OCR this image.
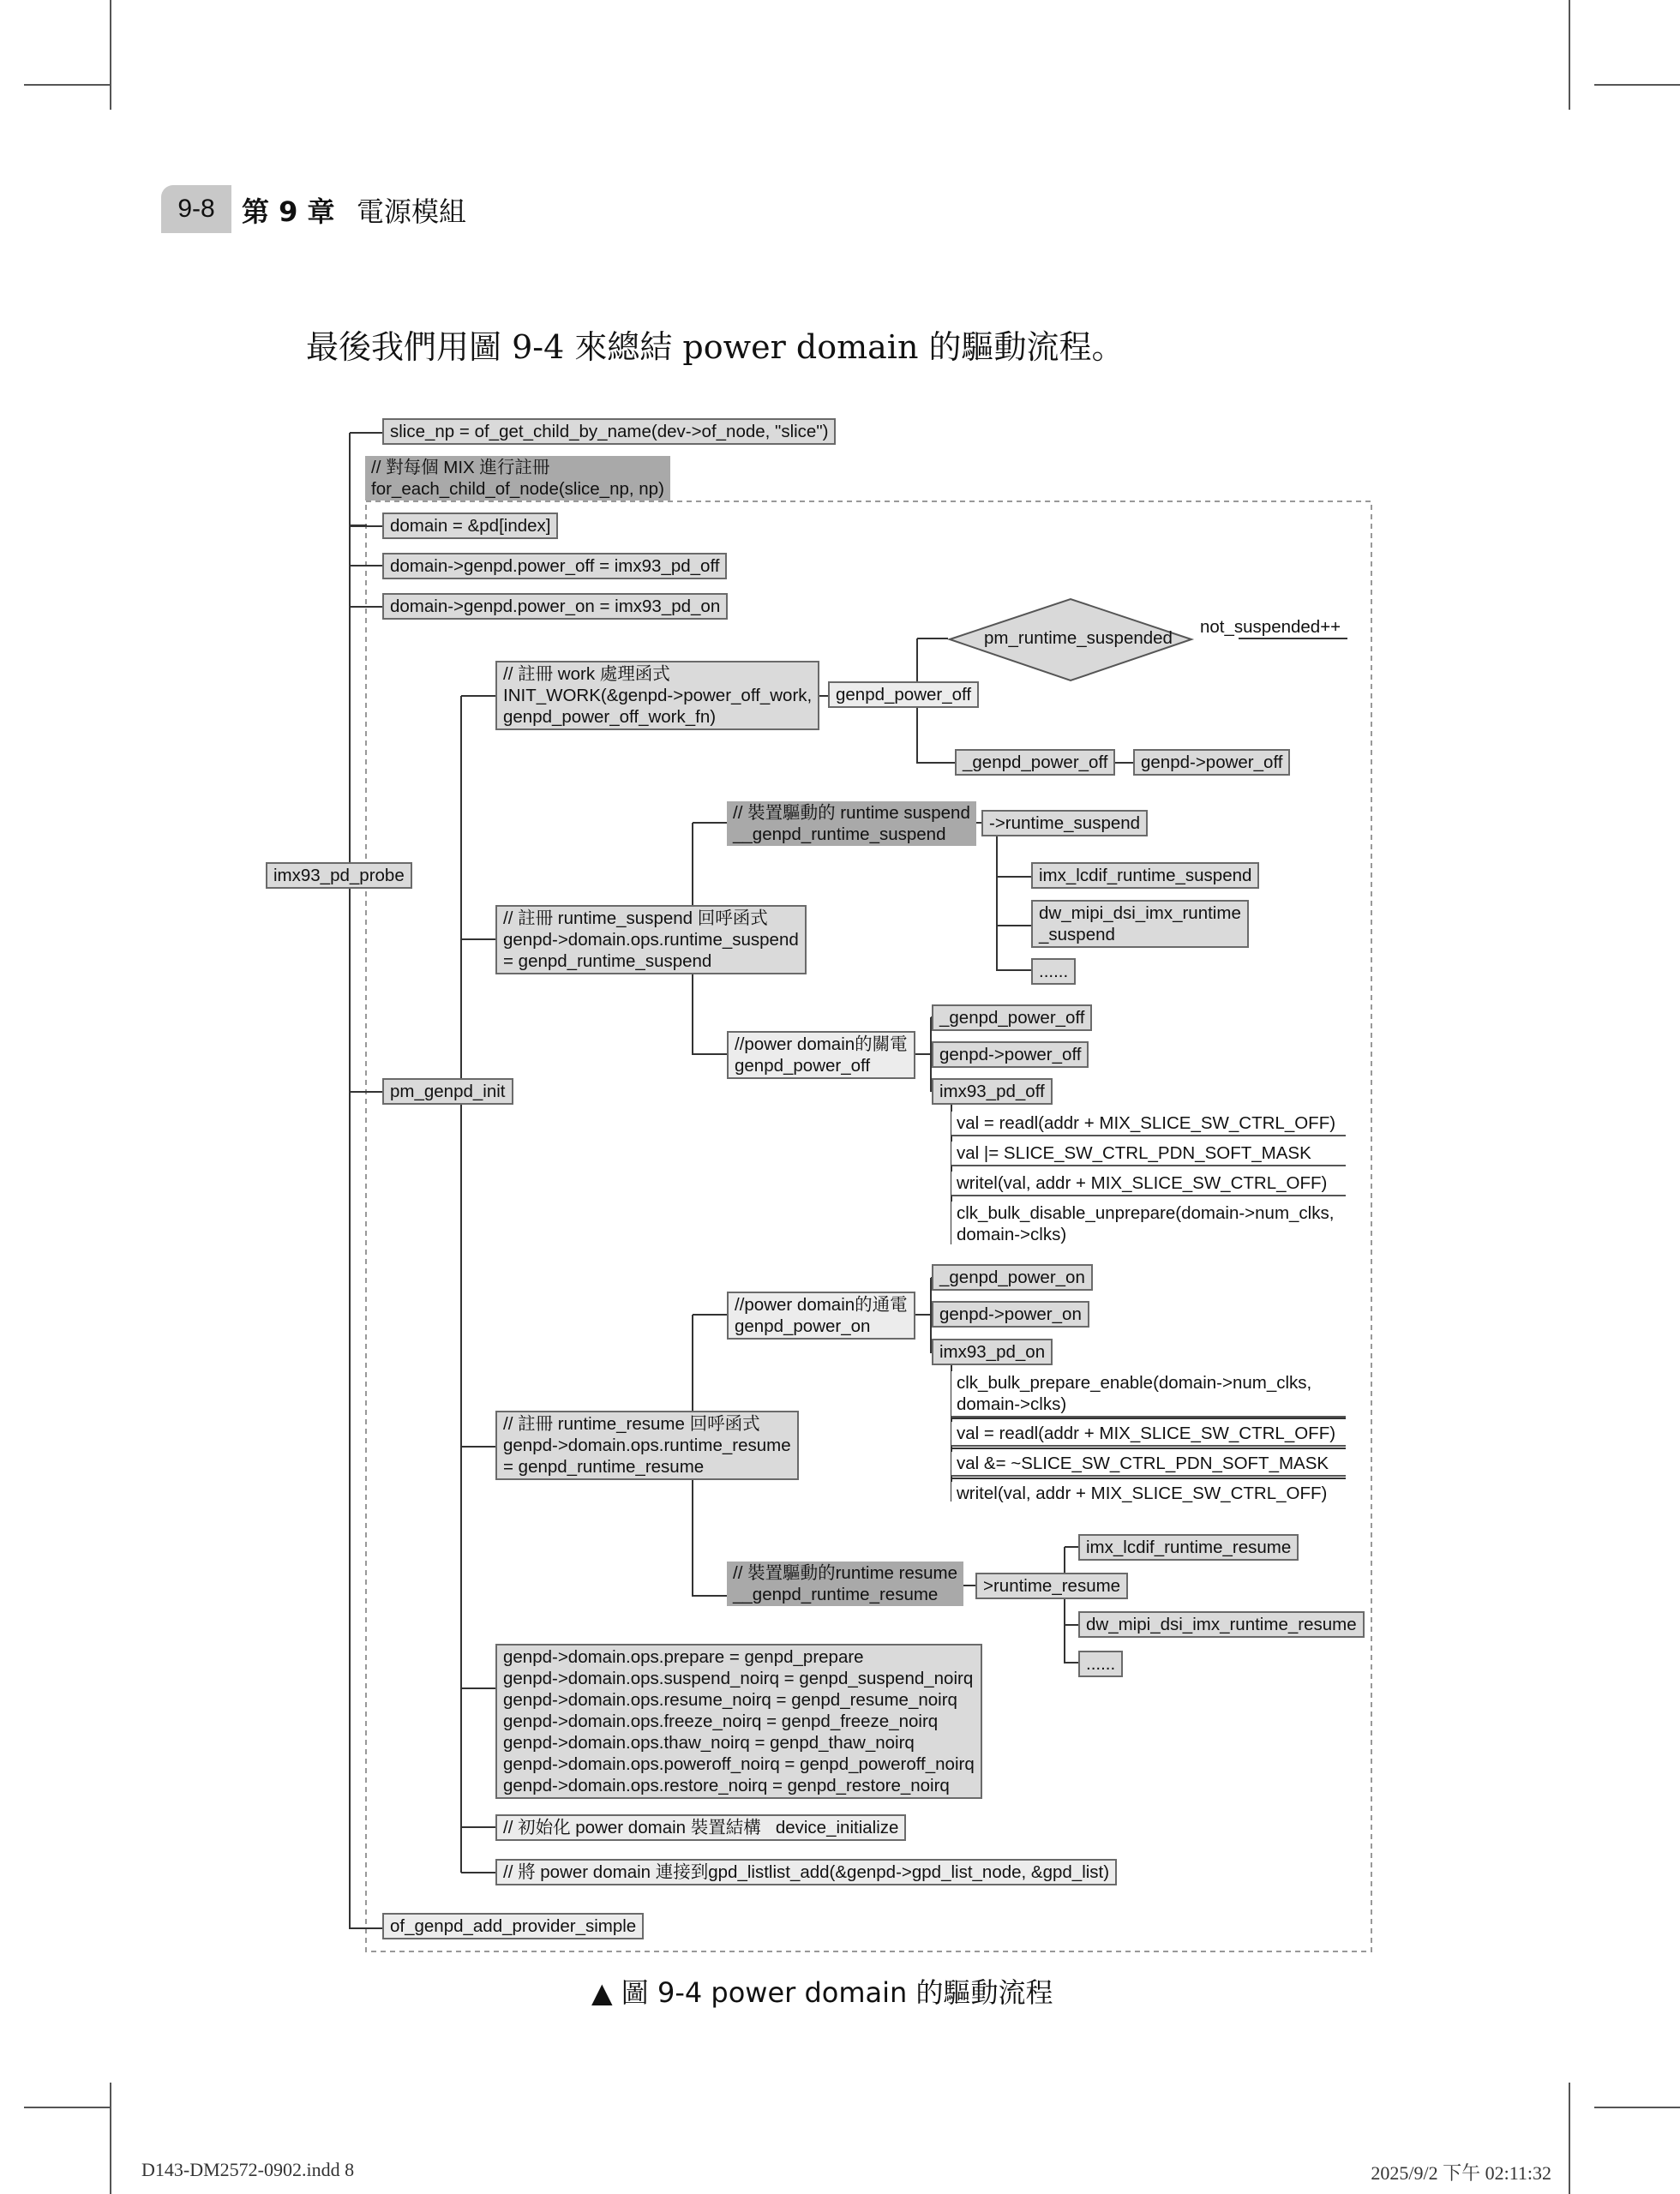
9-8 第 9 章 電源模組
最後我們用圖 9-4 來總結 power domain 的驅動流程。
imx93_pd_probe
slice_np = of_get_child_by_name(dev->of_node, "slice")
// 對每個 MIX 進行註冊
for_each_child_of_node(slice_np, np)
domain = &pd[index]
domain->genpd.power_off = imx93_pd_off
domain->genpd.power_on = imx93_pd_on
// 註冊 work 處理函式
INIT_WORK(&genpd->power_off_work,
genpd_power_off_work_fn)
genpd_power_off
pm_runtime_suspended
not_suspended++
_genpd_power_off	genpd->power_off
// 裝置驅動的 runtime suspend
__genpd_runtime_suspend
->runtime_suspend
imx_lcdif_runtime_suspend
dw_mipi_dsi_imx_runtime
_suspend
......
// 註冊 runtime_suspend 回呼函式
genpd->domain.ops.runtime_suspend
= genpd_runtime_suspend
//power domain的關電
genpd_power_off
_genpd_power_off
genpd->power_off
imx93_pd_off
val = readl(addr + MIX_SLICE_SW_CTRL_OFF)
val |= SLICE_SW_CTRL_PDN_SOFT_MASK
writel(val, addr + MIX_SLICE_SW_CTRL_OFF)
clk_bulk_disable_unprepare(domain->num_clks,
domain->clks)
pm_genpd_init
//power domain的通電
genpd_power_on
_genpd_power_on
genpd->power_on
imx93_pd_on
clk_bulk_prepare_enable(domain->num_clks,
domain->clks)
val = readl(addr + MIX_SLICE_SW_CTRL_OFF)
val &= ~SLICE_SW_CTRL_PDN_SOFT_MASK
writel(val, addr + MIX_SLICE_SW_CTRL_OFF)
// 註冊 runtime_resume 回呼函式
genpd->domain.ops.runtime_resume
= genpd_runtime_resume
// 裝置驅動的runtime resume
__genpd_runtime_resume	>runtime_resume
imx_lcdif_runtime_resume
dw_mipi_dsi_imx_runtime_resume
......
genpd->domain.ops.prepare = genpd_prepare
genpd->domain.ops.suspend_noirq = genpd_suspend_noirq
genpd->domain.ops.resume_noirq = genpd_resume_noirq
genpd->domain.ops.freeze_noirq = genpd_freeze_noirq
genpd->domain.ops.thaw_noirq = genpd_thaw_noirq
genpd->domain.ops.poweroff_noirq = genpd_poweroff_noirq
genpd->domain.ops.restore_noirq = genpd_restore_noirq
// 初始化 power domain 裝置結構   device_initialize
// 將 power domain 連接到gpd_listlist_add(&genpd->gpd_list_node, &gpd_list)
of_genpd_add_provider_simple
▲ 圖 9-4 power domain 的驅動流程
D143-DM2572-0902.indd 8	2025/9/2 下午 02:11:32
